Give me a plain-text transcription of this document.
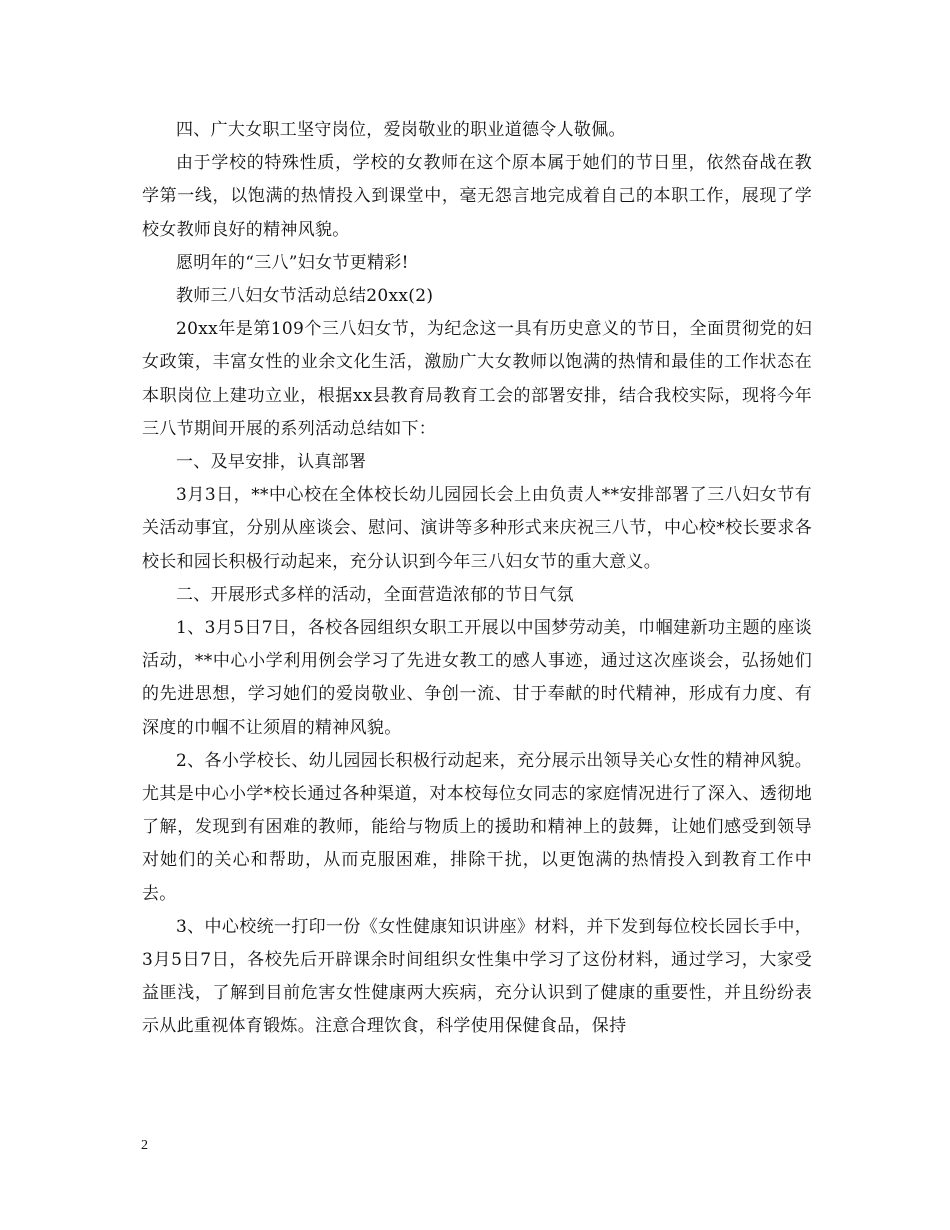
四、广大女职工坚守岗位，爱岗敬业的职业道德令人敬佩。

由于学校的特殊性质，学校的女教师在这个原本属于她们的节日里，依然奋战在教学第一线，以饱满的热情投入到课堂中，毫无怨言地完成着自己的本职工作，展现了学校女教师良好的精神风貌。

愿明年的“三八”妇女节更精彩!

教师三八妇女节活动总结20xx(2)

20xx年是第109个三八妇女节，为纪念这一具有历史意义的节日，全面贯彻党的妇女政策，丰富女性的业余文化生活，激励广大女教师以饱满的热情和最佳的工作状态在本职岗位上建功立业，根据xx县教育局教育工会的部署安排，结合我校实际，现将今年三八节期间开展的系列活动总结如下：

一、及早安排，认真部署

3月3日，**中心校在全体校长幼儿园园长会上由负责人**安排部署了三八妇女节有关活动事宜，分别从座谈会、慰问、演讲等多种形式来庆祝三八节，中心校*校长要求各校长和园长积极行动起来，充分认识到今年三八妇女节的重大意义。

二、开展形式多样的活动，全面营造浓郁的节日气氛

1、3月5日7日，各校各园组织女职工开展以中国梦劳动美，巾帼建新功主题的座谈活动，**中心小学利用例会学习了先进女教工的感人事迹，通过这次座谈会，弘扬她们的先进思想，学习她们的爱岗敬业、争创一流、甘于奉献的时代精神，形成有力度、有深度的巾帼不让须眉的精神风貌。

2、各小学校长、幼儿园园长积极行动起来，充分展示出领导关心女性的精神风貌。尤其是中心小学*校长通过各种渠道，对本校每位女同志的家庭情况进行了深入、透彻地了解，发现到有困难的教师，能给与物质上的援助和精神上的鼓舞，让她们感受到领导对她们的关心和帮助，从而克服困难，排除干扰，以更饱满的热情投入到教育工作中去。

3、中心校统一打印一份《女性健康知识讲座》材料，并下发到每位校长园长手中，3月5日7日，各校先后开辟课余时间组织女性集中学习了这份材料，通过学习，大家受益匪浅，了解到目前危害女性健康两大疾病，充分认识到了健康的重要性，并且纷纷表示从此重视体育锻炼。注意合理饮食，科学使用保健食品，保持

2
